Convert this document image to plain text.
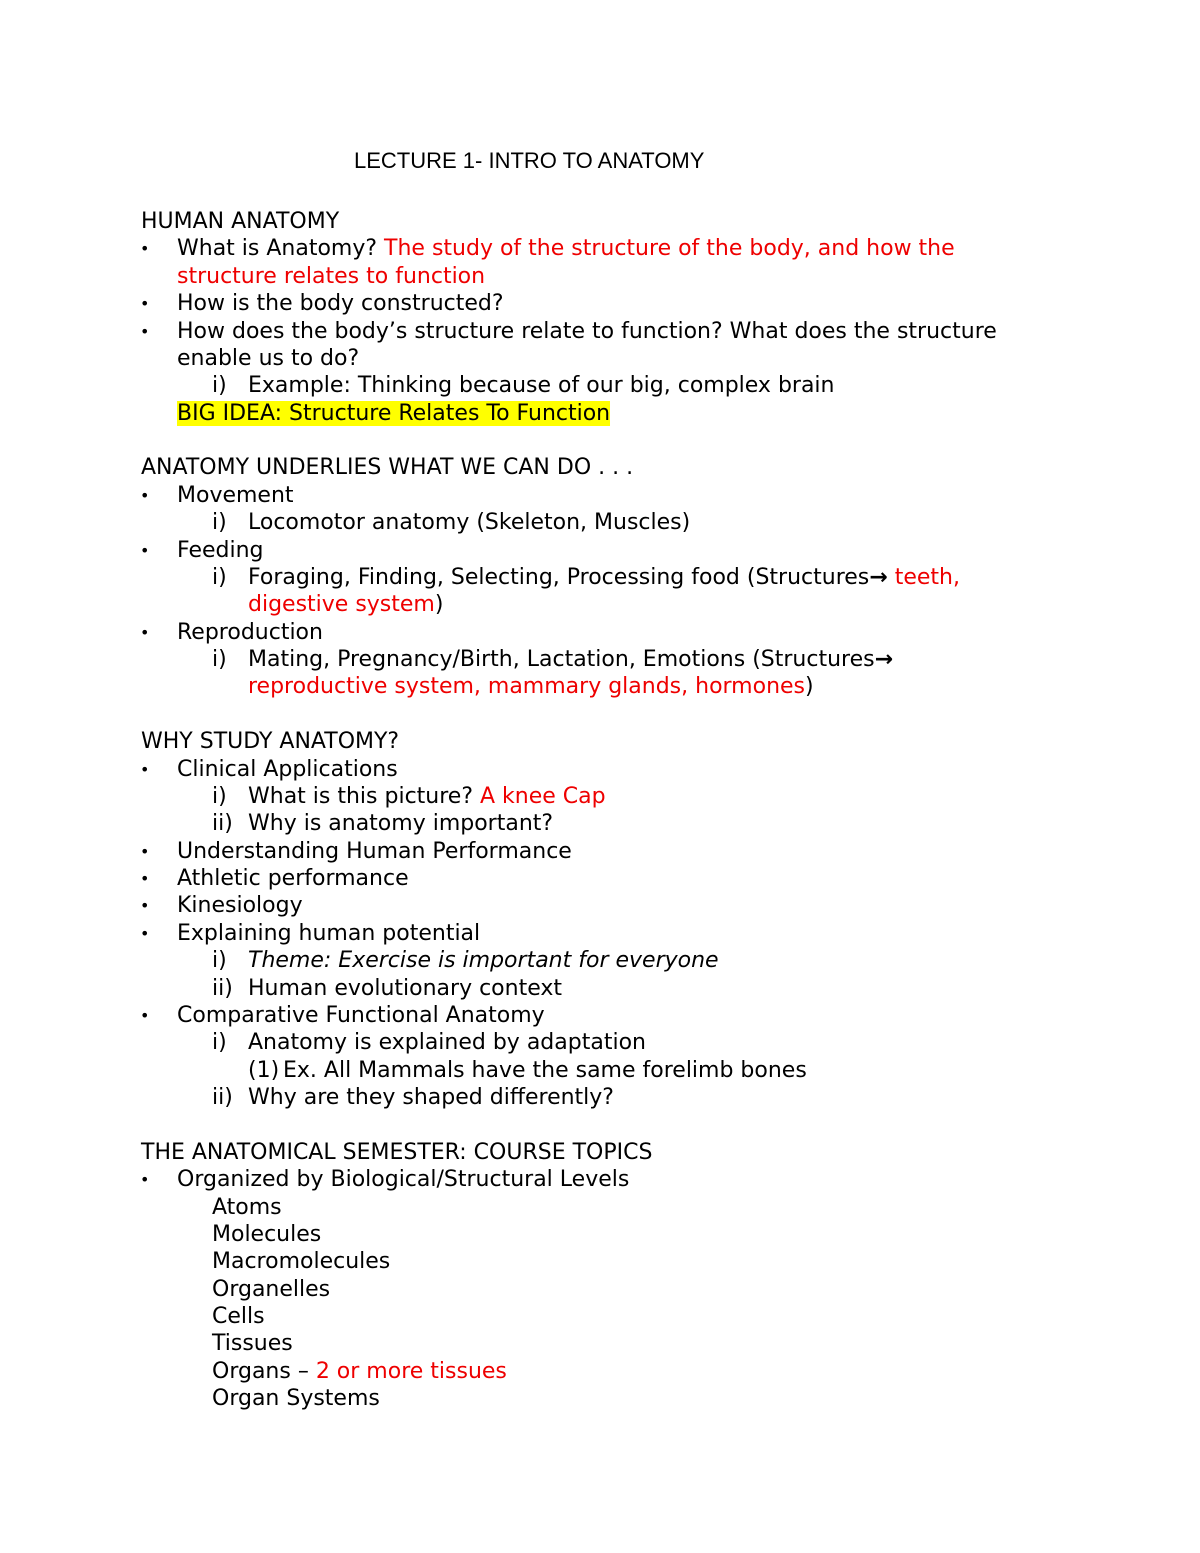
LECTURE 1- INTRO TO ANATOMY
HUMAN ANATOMY
• What is Anatomy? The study of the structure of the body, and how the
structure relates to function
• How is the body constructed?
• How does the body’s structure relate to function? What does the structure
enable us to do?
i) Example: Thinking because of our big, complex brain
BIG IDEA: Structure Relates To Function
ANATOMY UNDERLIES WHAT WE CAN DO . . .
• Movement
i) Locomotor anatomy (Skeleton, Muscles)
• Feeding
i) Foraging, Finding, Selecting, Processing food (Structures→ teeth,
digestive system)
• Reproduction
i) Mating, Pregnancy/Birth, Lactation, Emotions (Structures→
reproductive system, mammary glands, hormones)
WHY STUDY ANATOMY?
• Clinical Applications
i) What is this picture? A knee Cap
ii) Why is anatomy important?
• Understanding Human Performance
• Athletic performance
• Kinesiology
• Explaining human potential
i) Theme: Exercise is important for everyone
ii) Human evolutionary context
• Comparative Functional Anatomy
i) Anatomy is explained by adaptation
(1) Ex. All Mammals have the same forelimb bones
ii) Why are they shaped differently?
THE ANATOMICAL SEMESTER: COURSE TOPICS
• Organized by Biological/Structural Levels
Atoms
Molecules
Macromolecules
Organelles
Cells
Tissues
Organs – 2 or more tissues
Organ Systems
